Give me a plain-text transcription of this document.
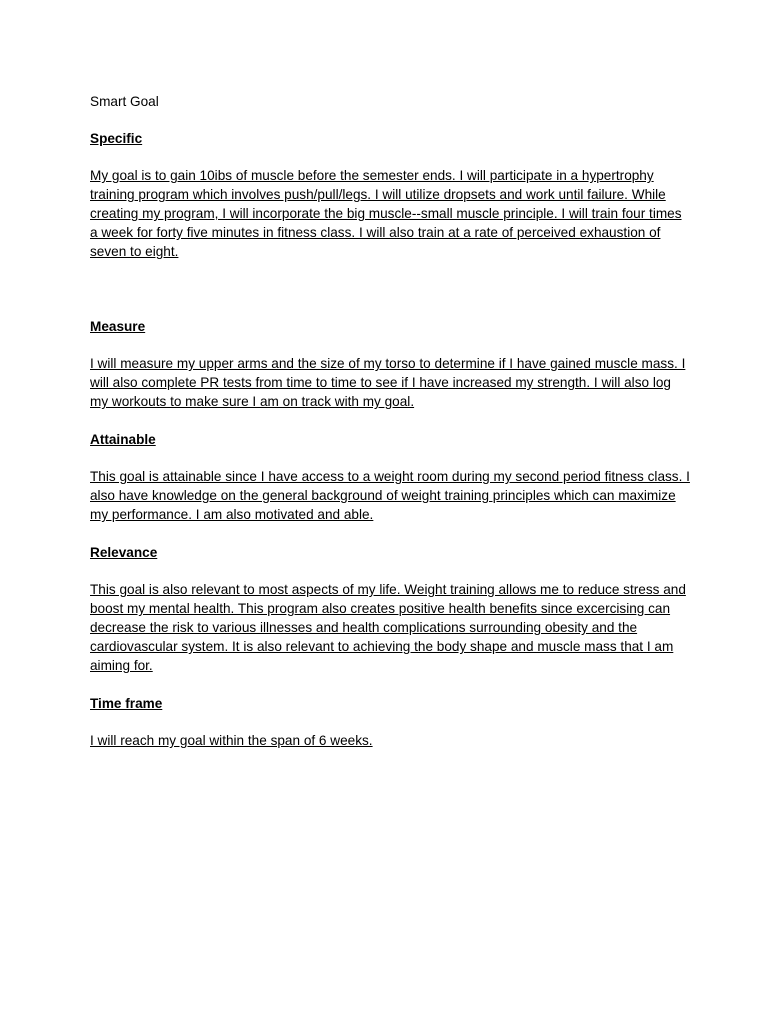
Smart Goal

Specific

My goal is to gain 10ibs of muscle before the semester ends. I will participate in a hypertrophy training program which involves push/pull/legs. I will utilize dropsets and work until failure. While creating my program, I will incorporate the big muscle--small muscle principle. I will train four times a week for forty five minutes in fitness class. I will also train at a rate of perceived exhaustion of seven to eight.

Measure

I will measure my upper arms and the size of my torso to determine if I have gained muscle mass. I will also complete PR tests from time to time to see if I have increased my strength. I will also log my workouts to make sure I am on track with my goal.

Attainable

This goal is attainable since I have access to a weight room during my second period fitness class. I also have knowledge on the general background of weight training principles which can maximize my performance. I am also motivated and able.

Relevance

This goal is also relevant to most aspects of my life. Weight training allows me to reduce stress and boost my mental health. This program also creates positive health benefits since excercising can decrease the risk to various illnesses and health complications surrounding obesity and the cardiovascular system. It is also relevant to achieving the body shape and muscle mass that I am aiming for.

Time frame

I will reach my goal within the span of 6 weeks.
